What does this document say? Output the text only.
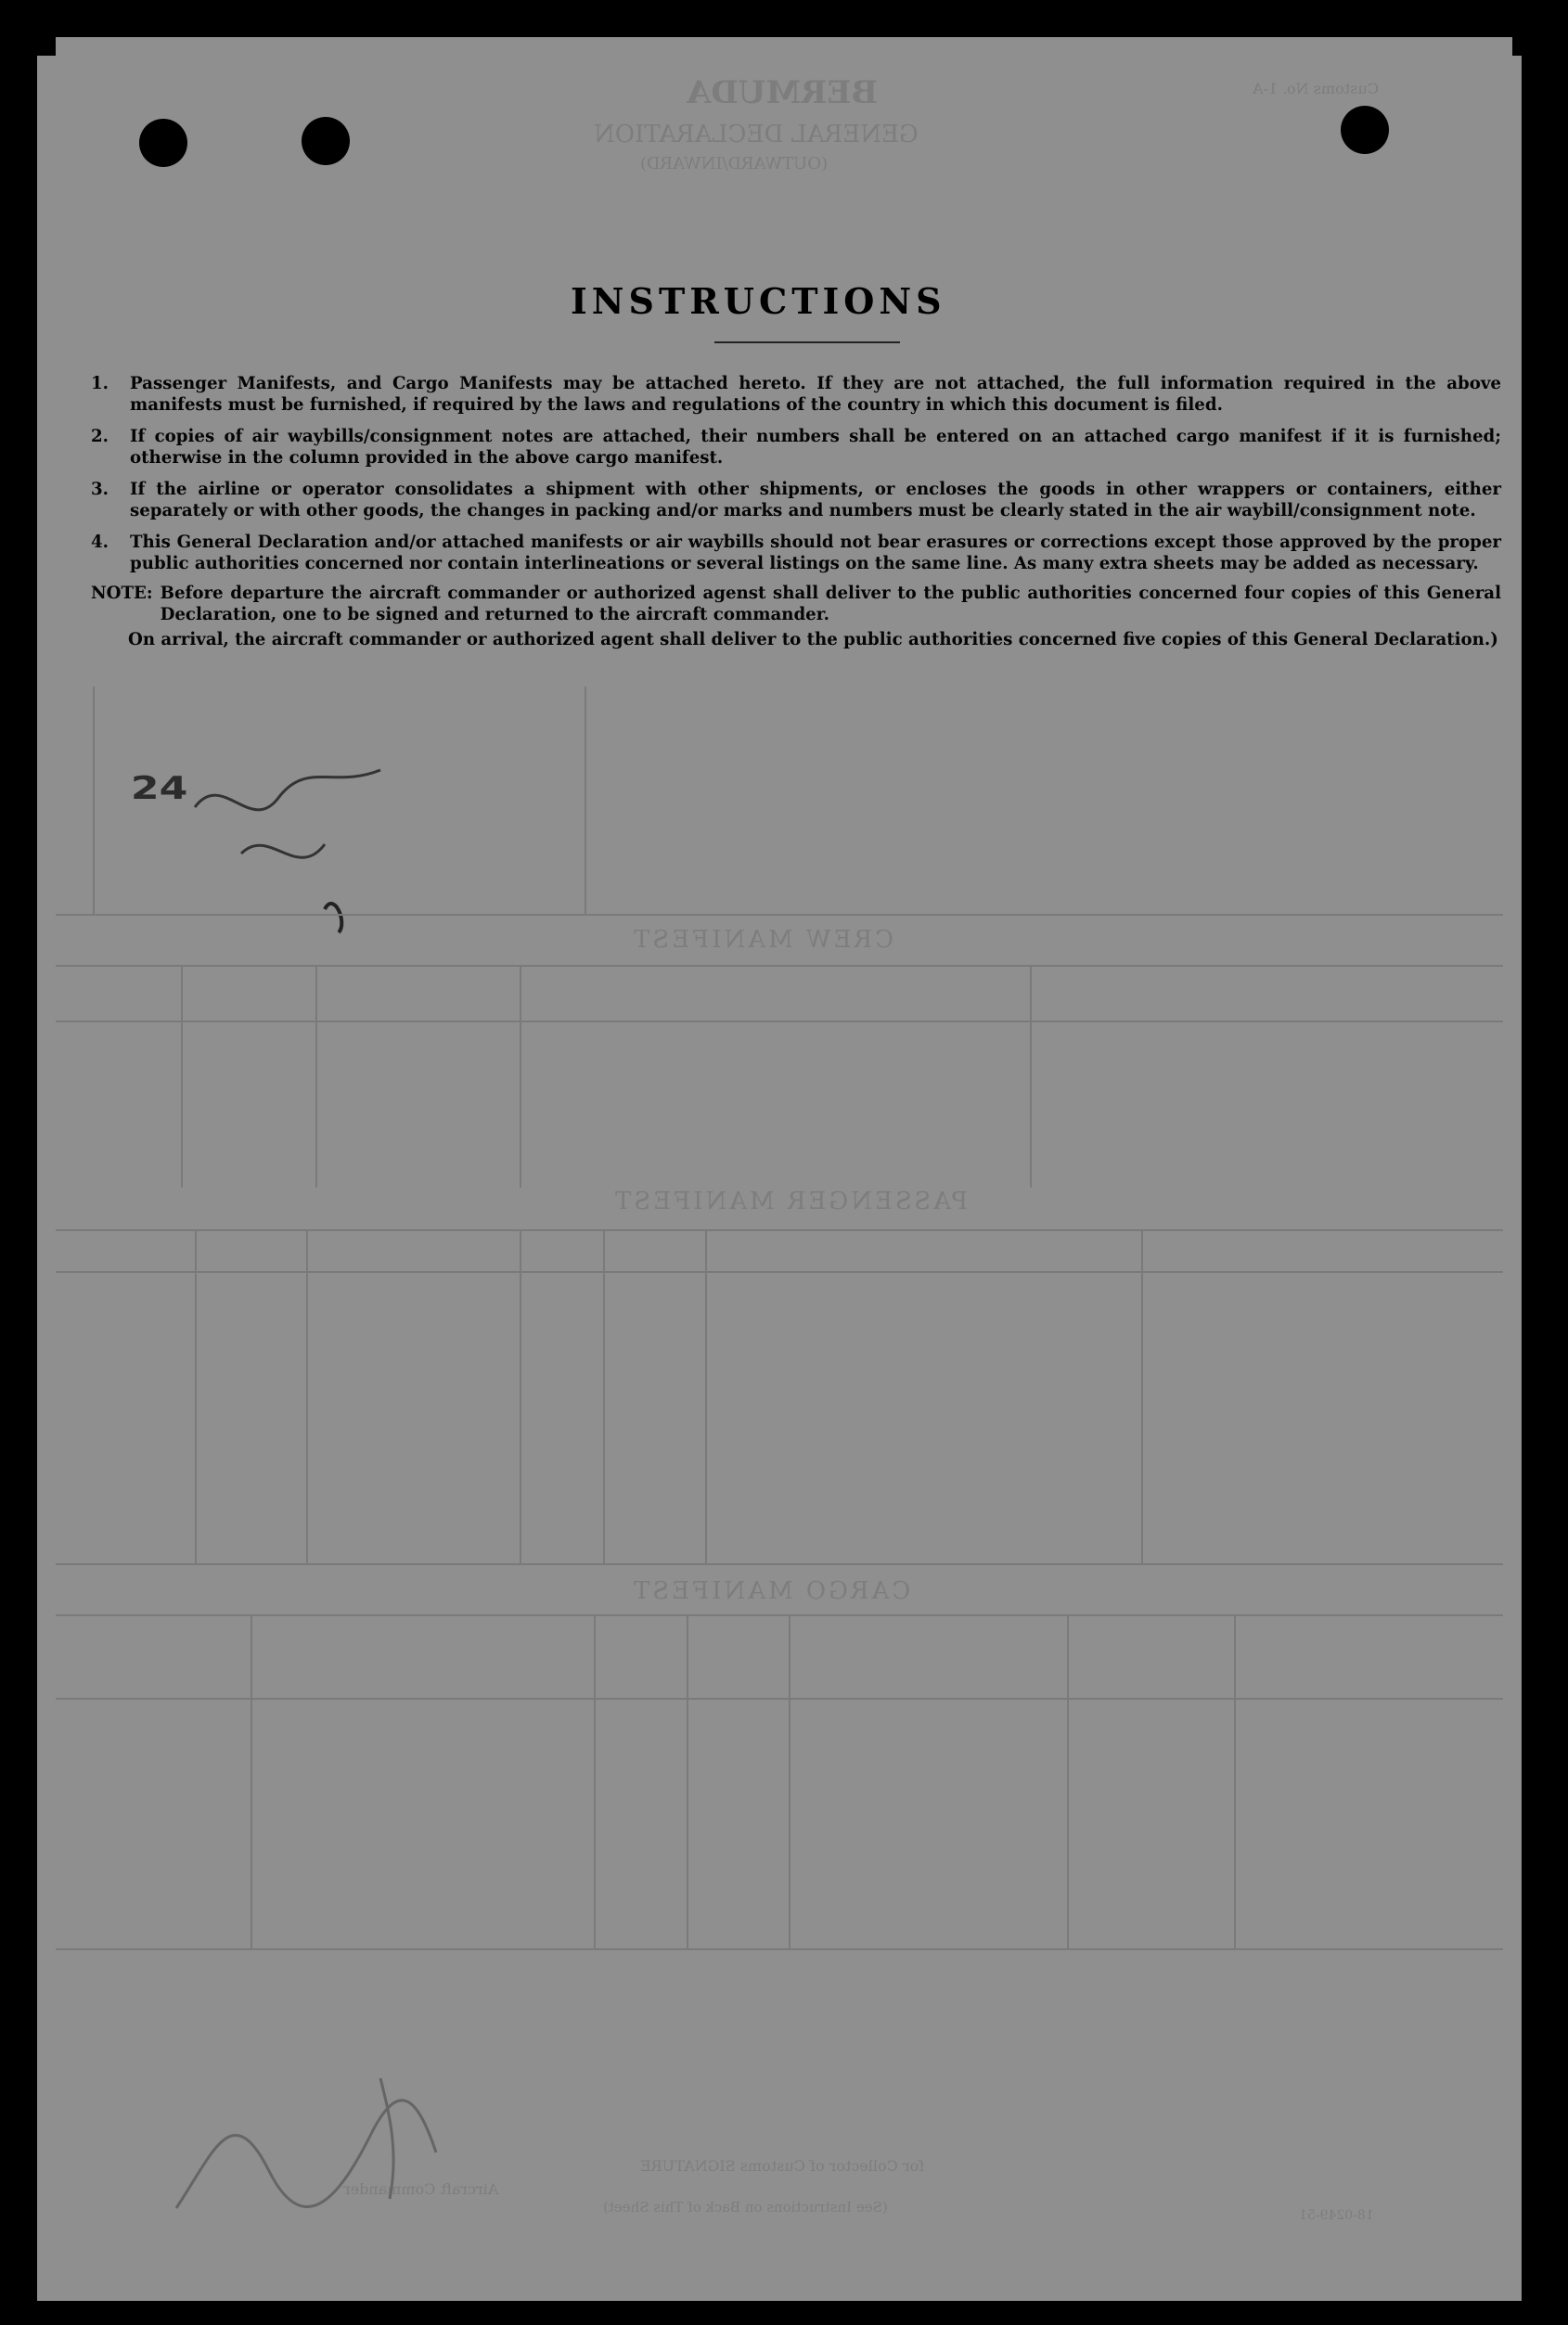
BERMUDA
GENERAL DECLARATION
(OUTWARD/INWARD)
Customs No. 1-A
INSTRUCTIONS
1.	Passenger Manifests, and Cargo Manifests may be attached hereto. If they are not attached, the full information required in the above manifests must be furnished, if required by the laws and regulations of the country in which this document is filed.
2.	If copies of air waybills/consignment notes are attached, their numbers shall be entered on an attached cargo manifest if it is furnished; otherwise in the column provided in the above cargo manifest.
3.	If the airline or operator consolidates a shipment with other shipments, or encloses the goods in other wrappers or containers, either separately or with other goods, the changes in packing and/or marks and numbers must be clearly stated in the air waybill/consignment note.
4.	This General Declaration and/or attached manifests or air waybills should not bear erasures or corrections except those approved by the proper public authorities concerned nor contain interlineations or several listings on the same line. As many extra sheets may be added as necessary.
NOTE: Before departure the aircraft commander or authorized agenst shall deliver to the public authorities concerned four copies of this General Declaration, one to be signed and returned to the aircraft commander.
On arrival, the aircraft commander or authorized agent shall deliver to the public authorities concerned five copies of this General Declaration.)
24
CREW MANIFEST
PASSENGER MANIFEST
CARGO MANIFEST
Aircraft Commander
for Collector of Customs SIGNATURE
(See Instructions on Back of This Sheet)	18-0249-51
